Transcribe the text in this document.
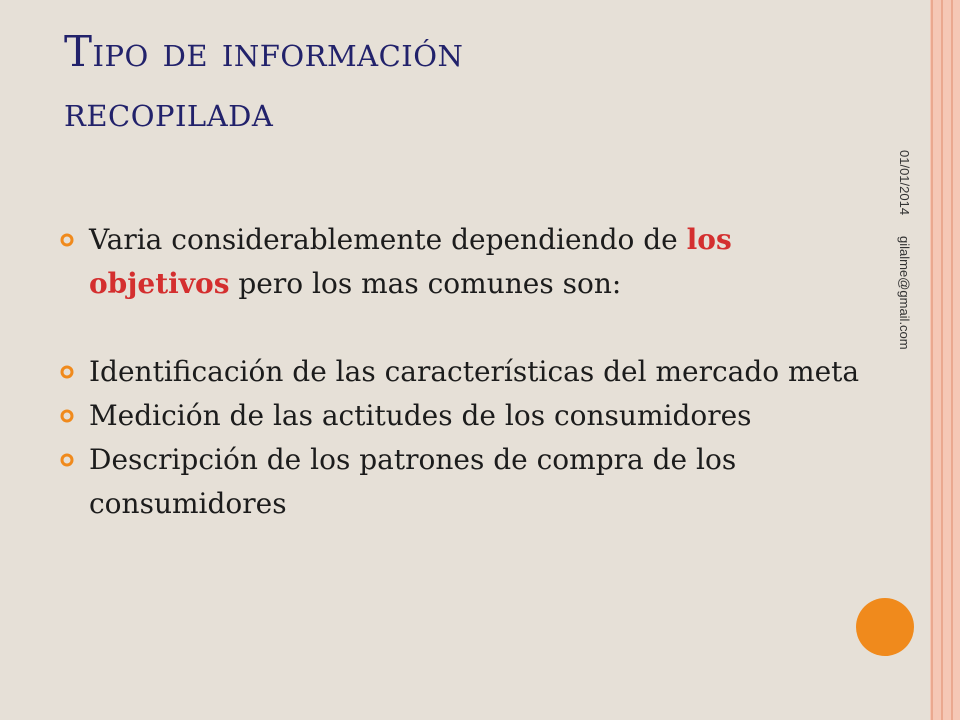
Tipo de información
recopilada
01/01/2014
gilalme@gmail.com
Varia considerablemente dependiendo de los objetivos pero los mas comunes son:
Identificación de las características del mercado meta
Medición de las actitudes de los consumidores
Descripción de los patrones de compra de los consumidores
